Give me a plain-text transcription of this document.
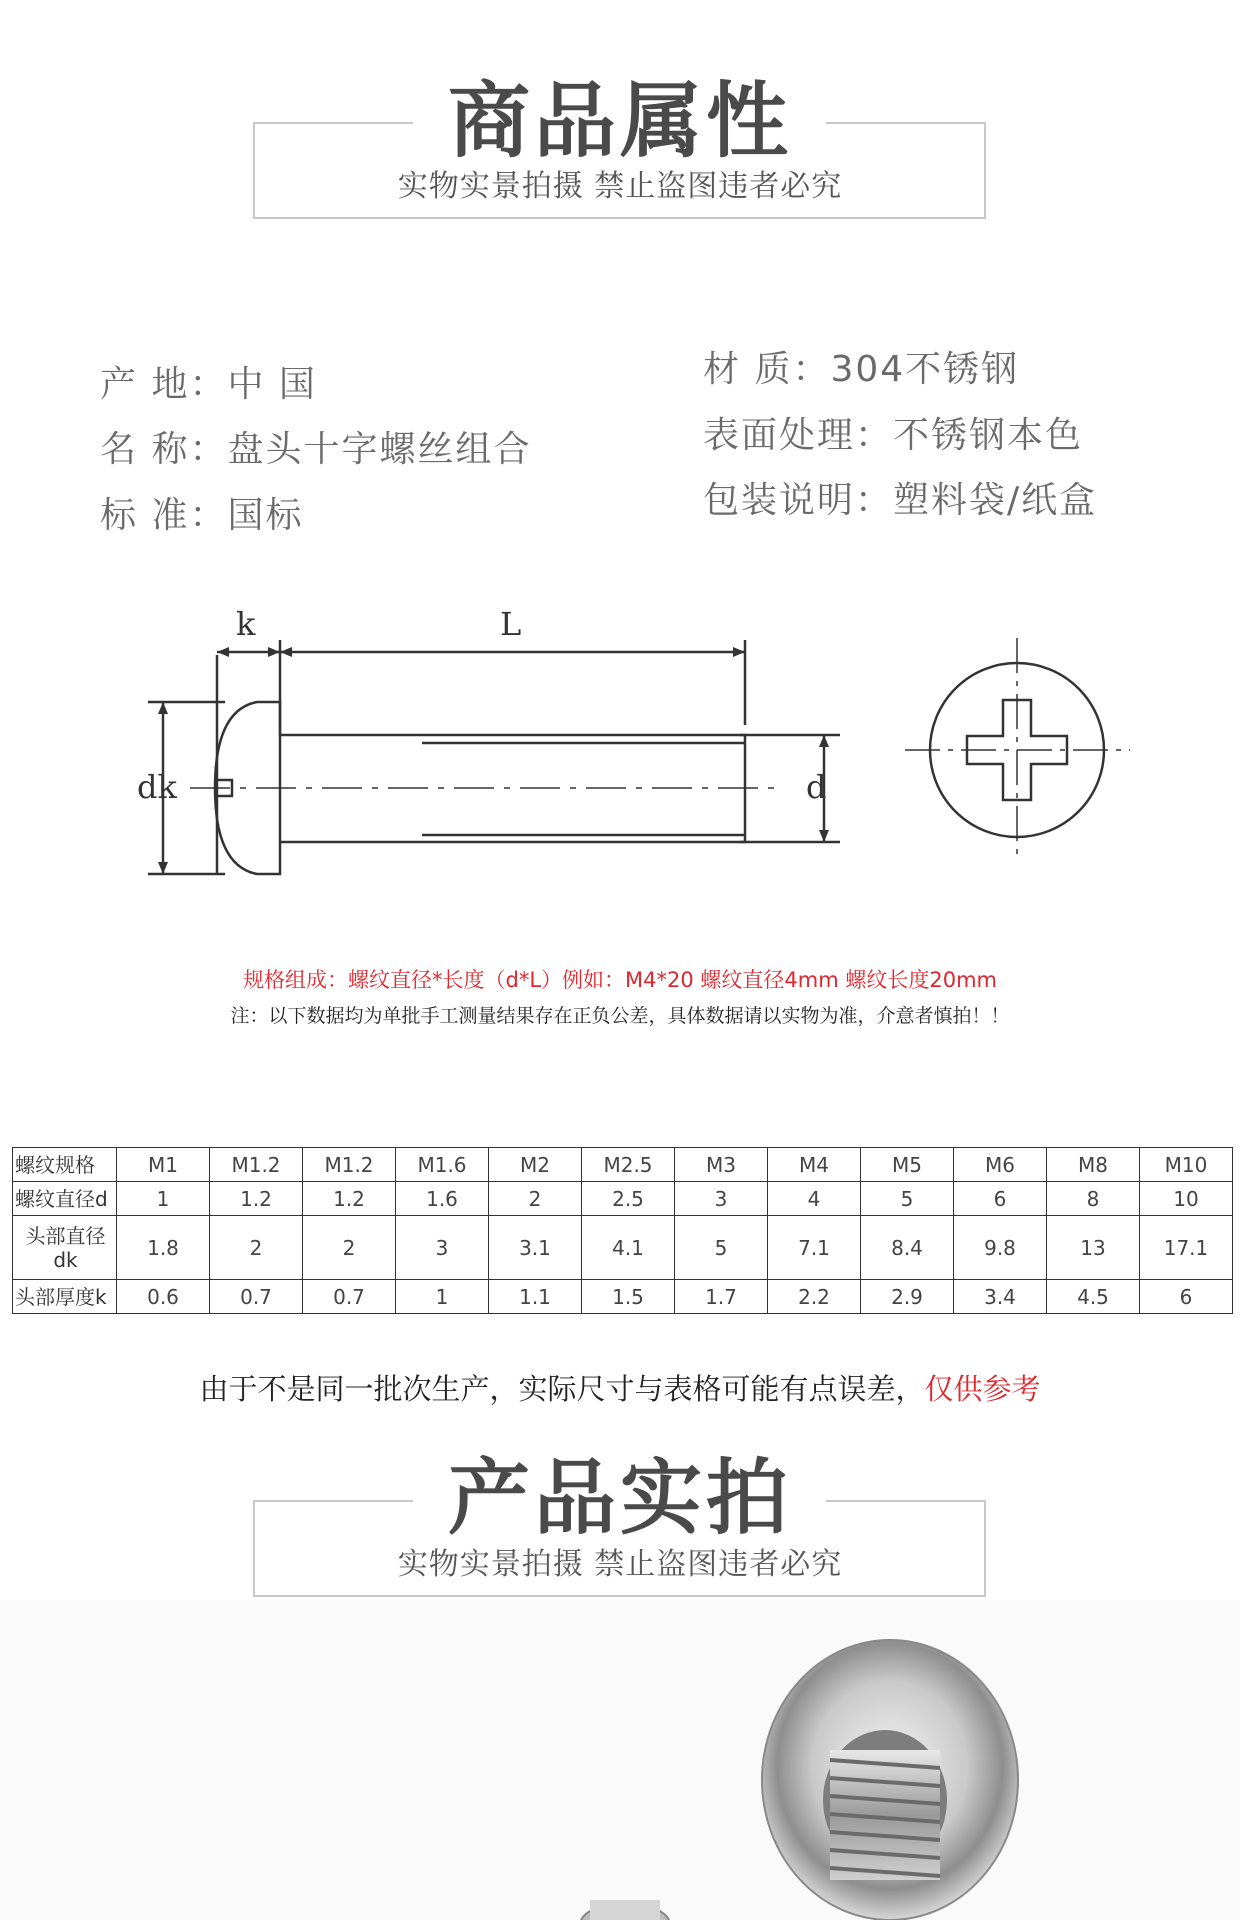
商品属性
实物实景拍摄 禁止盗图违者必究
产 地：中 国
名 称：盘头十字螺丝组合
标 准：国标
材 质：304不锈钢
表面处理：不锈钢本色
包装说明：塑料袋/纸盒
k	L
dk	d
规格组成：螺纹直径*长度（d*L）例如：M4*20 螺纹直径4mm 螺纹长度20mm
注：以下数据均为单批手工测量结果存在正负公差，具体数据请以实物为准，介意者慎拍！！
螺纹规格	M1	M1.2	M1.2	M1.6	M2	M2.5	M3	M4	M5	M6	M8	M10
螺纹直径d	1	1.2	1.2	1.6	2	2.5	3	4	5	6	8	10
头部直径dk	1.8	2	2	3	3.1	4.1	5	7.1	8.4	9.8	13	17.1
头部厚度k	0.6	0.7	0.7	1	1.1	1.5	1.7	2.2	2.9	3.4	4.5	6
由于不是同一批次生产，实际尺寸与表格可能有点误差，仅供参考
产品实拍
实物实景拍摄 禁止盗图违者必究
